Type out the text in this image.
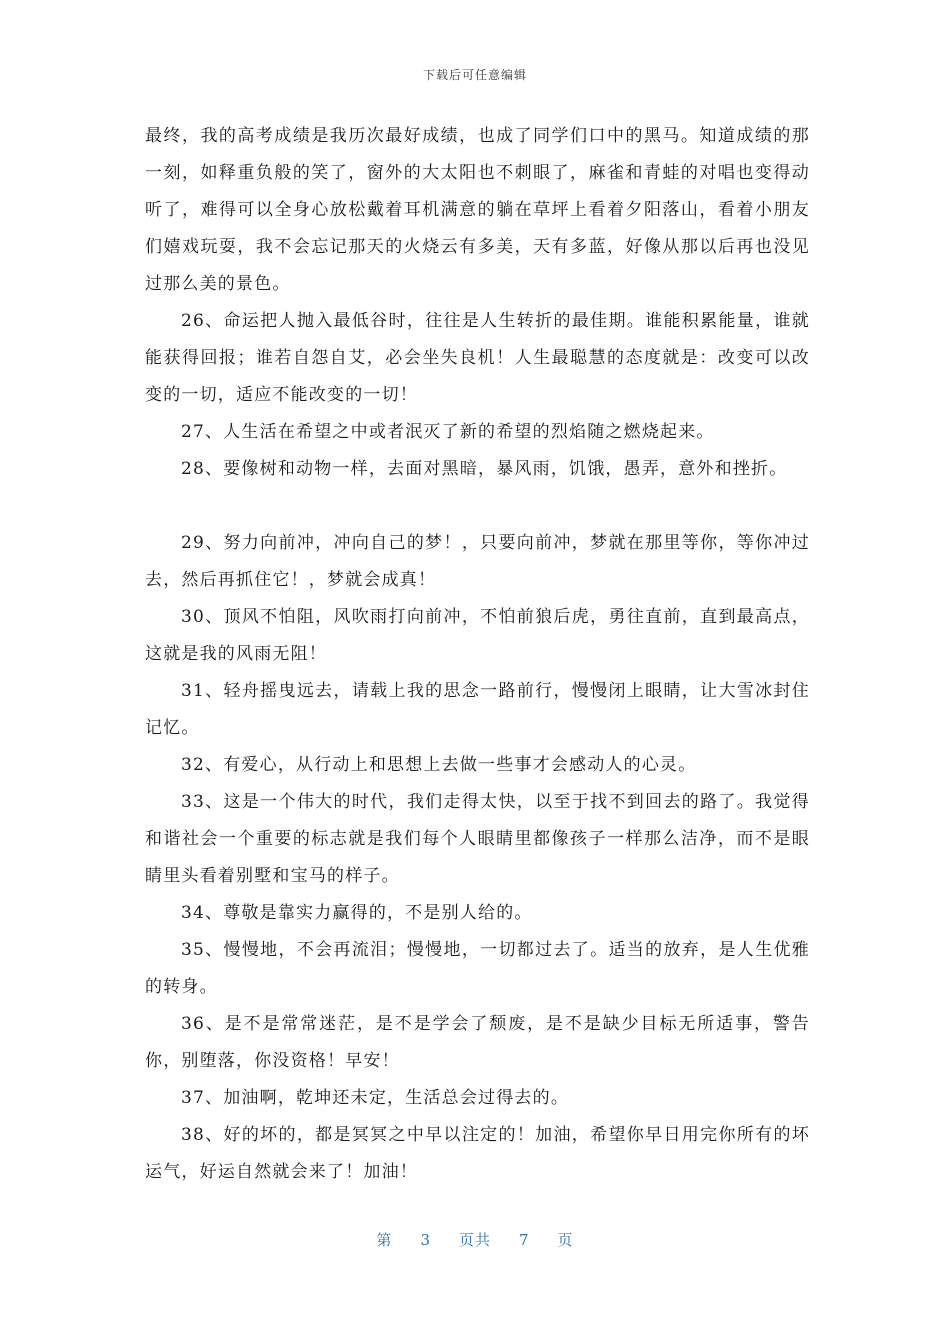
下载后可任意编辑

最终，我的高考成绩是我历次最好成绩，也成了同学们口中的黑马。知道成绩的那一刻，如释重负般的笑了，窗外的大太阳也不刺眼了，麻雀和青蛙的对唱也变得动听了，难得可以全身心放松戴着耳机满意的躺在草坪上看着夕阳落山，看着小朋友们嬉戏玩耍，我不会忘记那天的火烧云有多美，天有多蓝，好像从那以后再也没见过那么美的景色。

26、命运把人抛入最低谷时，往往是人生转折的最佳期。谁能积累能量，谁就能获得回报；谁若自怨自艾，必会坐失良机！人生最聪慧的态度就是：改变可以改变的一切，适应不能改变的一切！

27、人生活在希望之中或者泯灭了新的希望的烈焰随之燃烧起来。

28、要像树和动物一样，去面对黑暗，暴风雨，饥饿，愚弄，意外和挫折。

29、努力向前冲，冲向自己的梦！，只要向前冲，梦就在那里等你，等你冲过去，然后再抓住它！，梦就会成真！

30、顶风不怕阻，风吹雨打向前冲，不怕前狼后虎，勇往直前，直到最高点，这就是我的风雨无阻！

31、轻舟摇曳远去，请载上我的思念一路前行，慢慢闭上眼睛，让大雪冰封住记忆。

32、有爱心，从行动上和思想上去做一些事才会感动人的心灵。

33、这是一个伟大的时代，我们走得太快，以至于找不到回去的路了。我觉得和谐社会一个重要的标志就是我们每个人眼睛里都像孩子一样那么洁净，而不是眼睛里头看着别墅和宝马的样子。

34、尊敬是靠实力赢得的，不是别人给的。

35、慢慢地，不会再流泪；慢慢地，一切都过去了。适当的放弃，是人生优雅的转身。

36、是不是常常迷茫，是不是学会了颓废，是不是缺少目标无所适事，警告你，别堕落，你没资格！早安！

37、加油啊，乾坤还未定，生活总会过得去的。

38、好的坏的，都是冥冥之中早以注定的！加油，希望你早日用完你所有的坏运气，好运自然就会来了！加油！

第 3 页共 7 页
